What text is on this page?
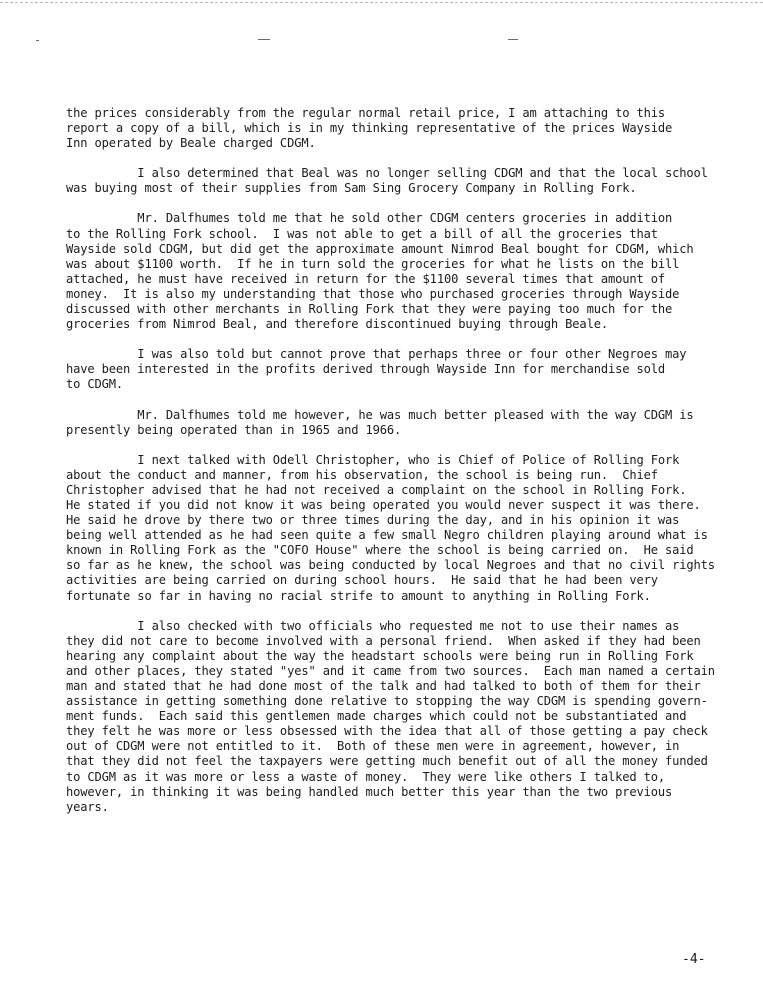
the prices considerably from the regular normal retail price, I am attaching to this
report a copy of a bill, which is in my thinking representative of the prices Wayside
Inn operated by Beale charged CDGM.
I also determined that Beal was no longer selling CDGM and that the local school
was buying most of their supplies from Sam Sing Grocery Company in Rolling Fork.
Mr. Dalfhumes told me that he sold other CDGM centers groceries in addition
to the Rolling Fork school.  I was not able to get a bill of all the groceries that
Wayside sold CDGM, but did get the approximate amount Nimrod Beal bought for CDGM, which
was about $1100 worth.  If he in turn sold the groceries for what he lists on the bill
attached, he must have received in return for the $1100 several times that amount of
money.  It is also my understanding that those who purchased groceries through Wayside
discussed with other merchants in Rolling Fork that they were paying too much for the
groceries from Nimrod Beal, and therefore discontinued buying through Beale.
I was also told but cannot prove that perhaps three or four other Negroes may
have been interested in the profits derived through Wayside Inn for merchandise sold
to CDGM.
Mr. Dalfhumes told me however, he was much better pleased with the way CDGM is
presently being operated than in 1965 and 1966.
I next talked with Odell Christopher, who is Chief of Police of Rolling Fork
about the conduct and manner, from his observation, the school is being run.  Chief
Christopher advised that he had not received a complaint on the school in Rolling Fork.
He stated if you did not know it was being operated you would never suspect it was there.
He said he drove by there two or three times during the day, and in his opinion it was
being well attended as he had seen quite a few small Negro children playing around what is
known in Rolling Fork as the "COFO House" where the school is being carried on.  He said
so far as he knew, the school was being conducted by local Negroes and that no civil rights
activities are being carried on during school hours.  He said that he had been very
fortunate so far in having no racial strife to amount to anything in Rolling Fork.
I also checked with two officials who requested me not to use their names as
they did not care to become involved with a personal friend.  When asked if they had been
hearing any complaint about the way the headstart schools were being run in Rolling Fork
and other places, they stated "yes" and it came from two sources.  Each man named a certain
man and stated that he had done most of the talk and had talked to both of them for their
assistance in getting something done relative to stopping the way CDGM is spending govern-
ment funds.  Each said this gentlemen made charges which could not be substantiated and
they felt he was more or less obsessed with the idea that all of those getting a pay check
out of CDGM were not entitled to it.  Both of these men were in agreement, however, in
that they did not feel the taxpayers were getting much benefit out of all the money funded
to CDGM as it was more or less a waste of money.  They were like others I talked to,
however, in thinking it was being handled much better this year than the two previous
years.
-4-
